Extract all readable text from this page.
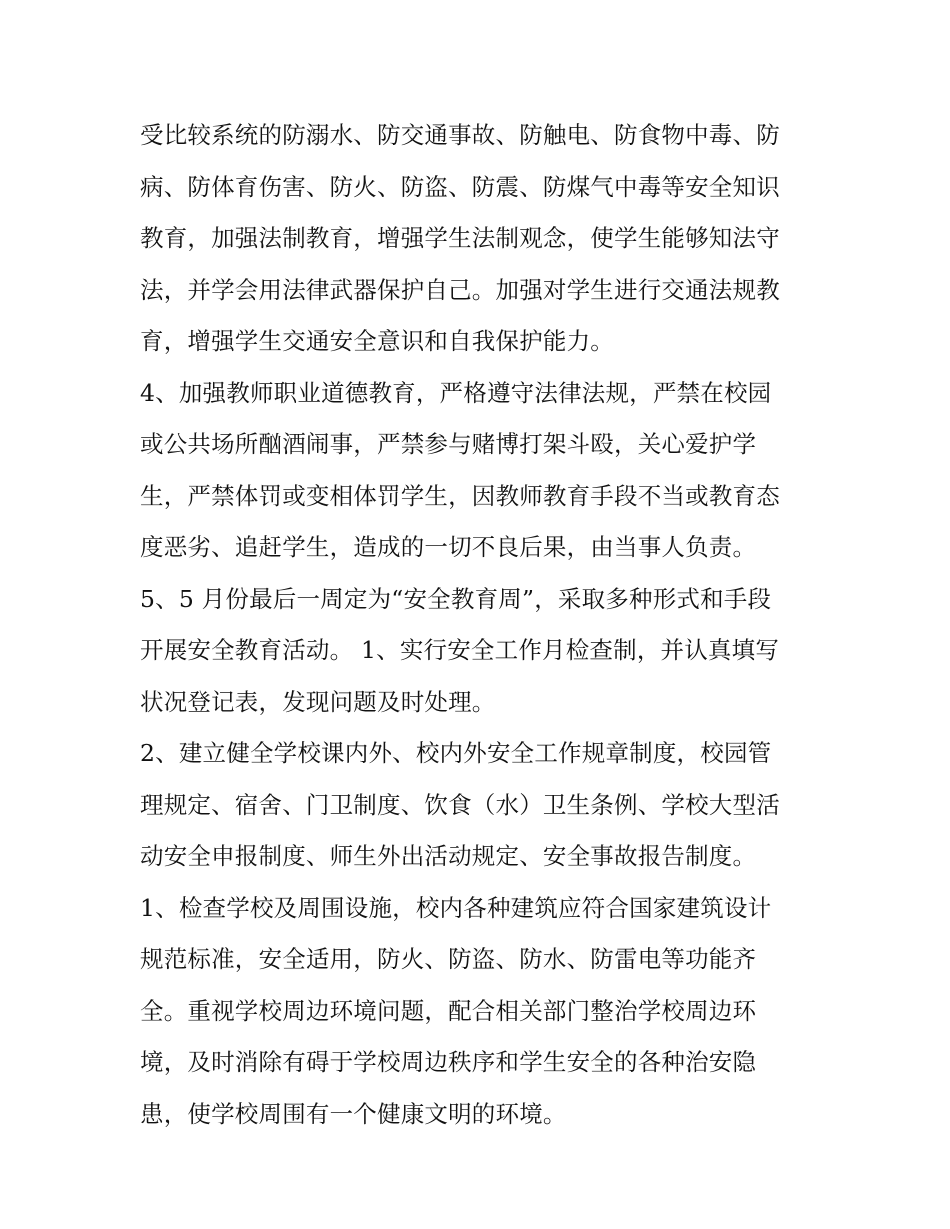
受比较系统的防溺水、防交通事故、防触电、防食物中毒、防
病、防体育伤害、防火、防盗、防震、防煤气中毒等安全知识
教育，加强法制教育，增强学生法制观念，使学生能够知法守
法，并学会用法律武器保护自己。加强对学生进行交通法规教
育，增强学生交通安全意识和自我保护能力。
4、加强教师职业道德教育，严格遵守法律法规，严禁在校园
或公共场所酗酒闹事，严禁参与赌博打架斗殴，关心爱护学
生，严禁体罚或变相体罚学生，因教师教育手段不当或教育态
度恶劣、追赶学生，造成的一切不良后果，由当事人负责。
5、5 月份最后一周定为“安全教育周”，采取多种形式和手段
开展安全教育活动。 1、实行安全工作月检查制，并认真填写
状况登记表，发现问题及时处理。
2、建立健全学校课内外、校内外安全工作规章制度，校园管
理规定、宿舍、门卫制度、饮食（水）卫生条例、学校大型活
动安全申报制度、师生外出活动规定、安全事故报告制度。
1、检查学校及周围设施，校内各种建筑应符合国家建筑设计
规范标准，安全适用，防火、防盗、防水、防雷电等功能齐
全。重视学校周边环境问题，配合相关部门整治学校周边环
境，及时消除有碍于学校周边秩序和学生安全的各种治安隐
患，使学校周围有一个健康文明的环境。
